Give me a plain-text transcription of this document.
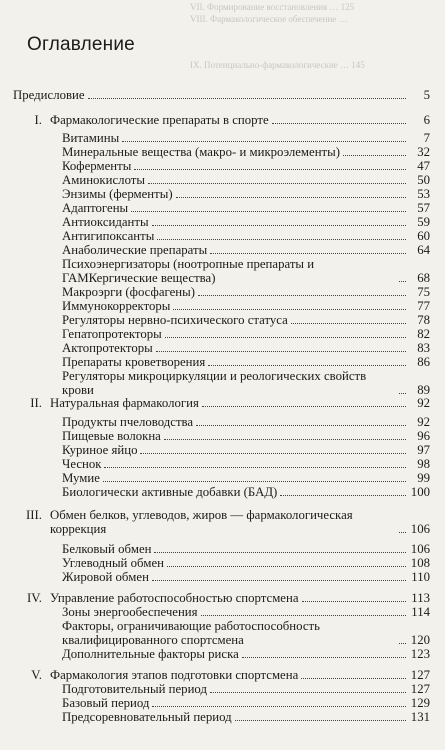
VII. Формирование восстановления … 125
VIII. Фармакологическое обеспечение …
IX. Потенциально-фармакологические … 145
Оглавление
Предисловие	5
I. Фармакологические препараты в спорте	6
Витамины	7
Минеральные вещества (макро- и микроэлементы)	32
Коферменты	47
Аминокислоты	50
Энзимы (ферменты)	53
Адаптогены	57
Антиоксиданты	59
Антигипоксанты	60
Анаболические препараты	64
Психоэнергизаторы (ноотропные препараты и ГАМКергические вещества)	68
Макроэрги (фосфагены)	75
Иммунокорректоры	77
Регуляторы нервно-психического статуса	78
Гепатопротекторы	82
Актопротекторы	83
Препараты кроветворения	86
Регуляторы микроциркуляции и реологических свойств крови	89
II. Натуральная фармакология	92
Продукты пчеловодства	92
Пищевые волокна	96
Куриное яйцо	97
Чеснок	98
Мумие	99
Биологически активные добавки (БАД)	100
III. Обмен белков, углеводов, жиров — фармакологическая коррекция	106
Белковый обмен	106
Углеводный обмен	108
Жировой обмен	110
IV. Управление работоспособностью спортсмена	113
Зоны энергообеспечения	114
Факторы, ограничивающие работоспособность квалифицированного спортсмена	120
Дополнительные факторы риска	123
V. Фармакология этапов подготовки спортсмена	127
Подготовительный период	127
Базовый период	129
Предсоревновательный период	131
